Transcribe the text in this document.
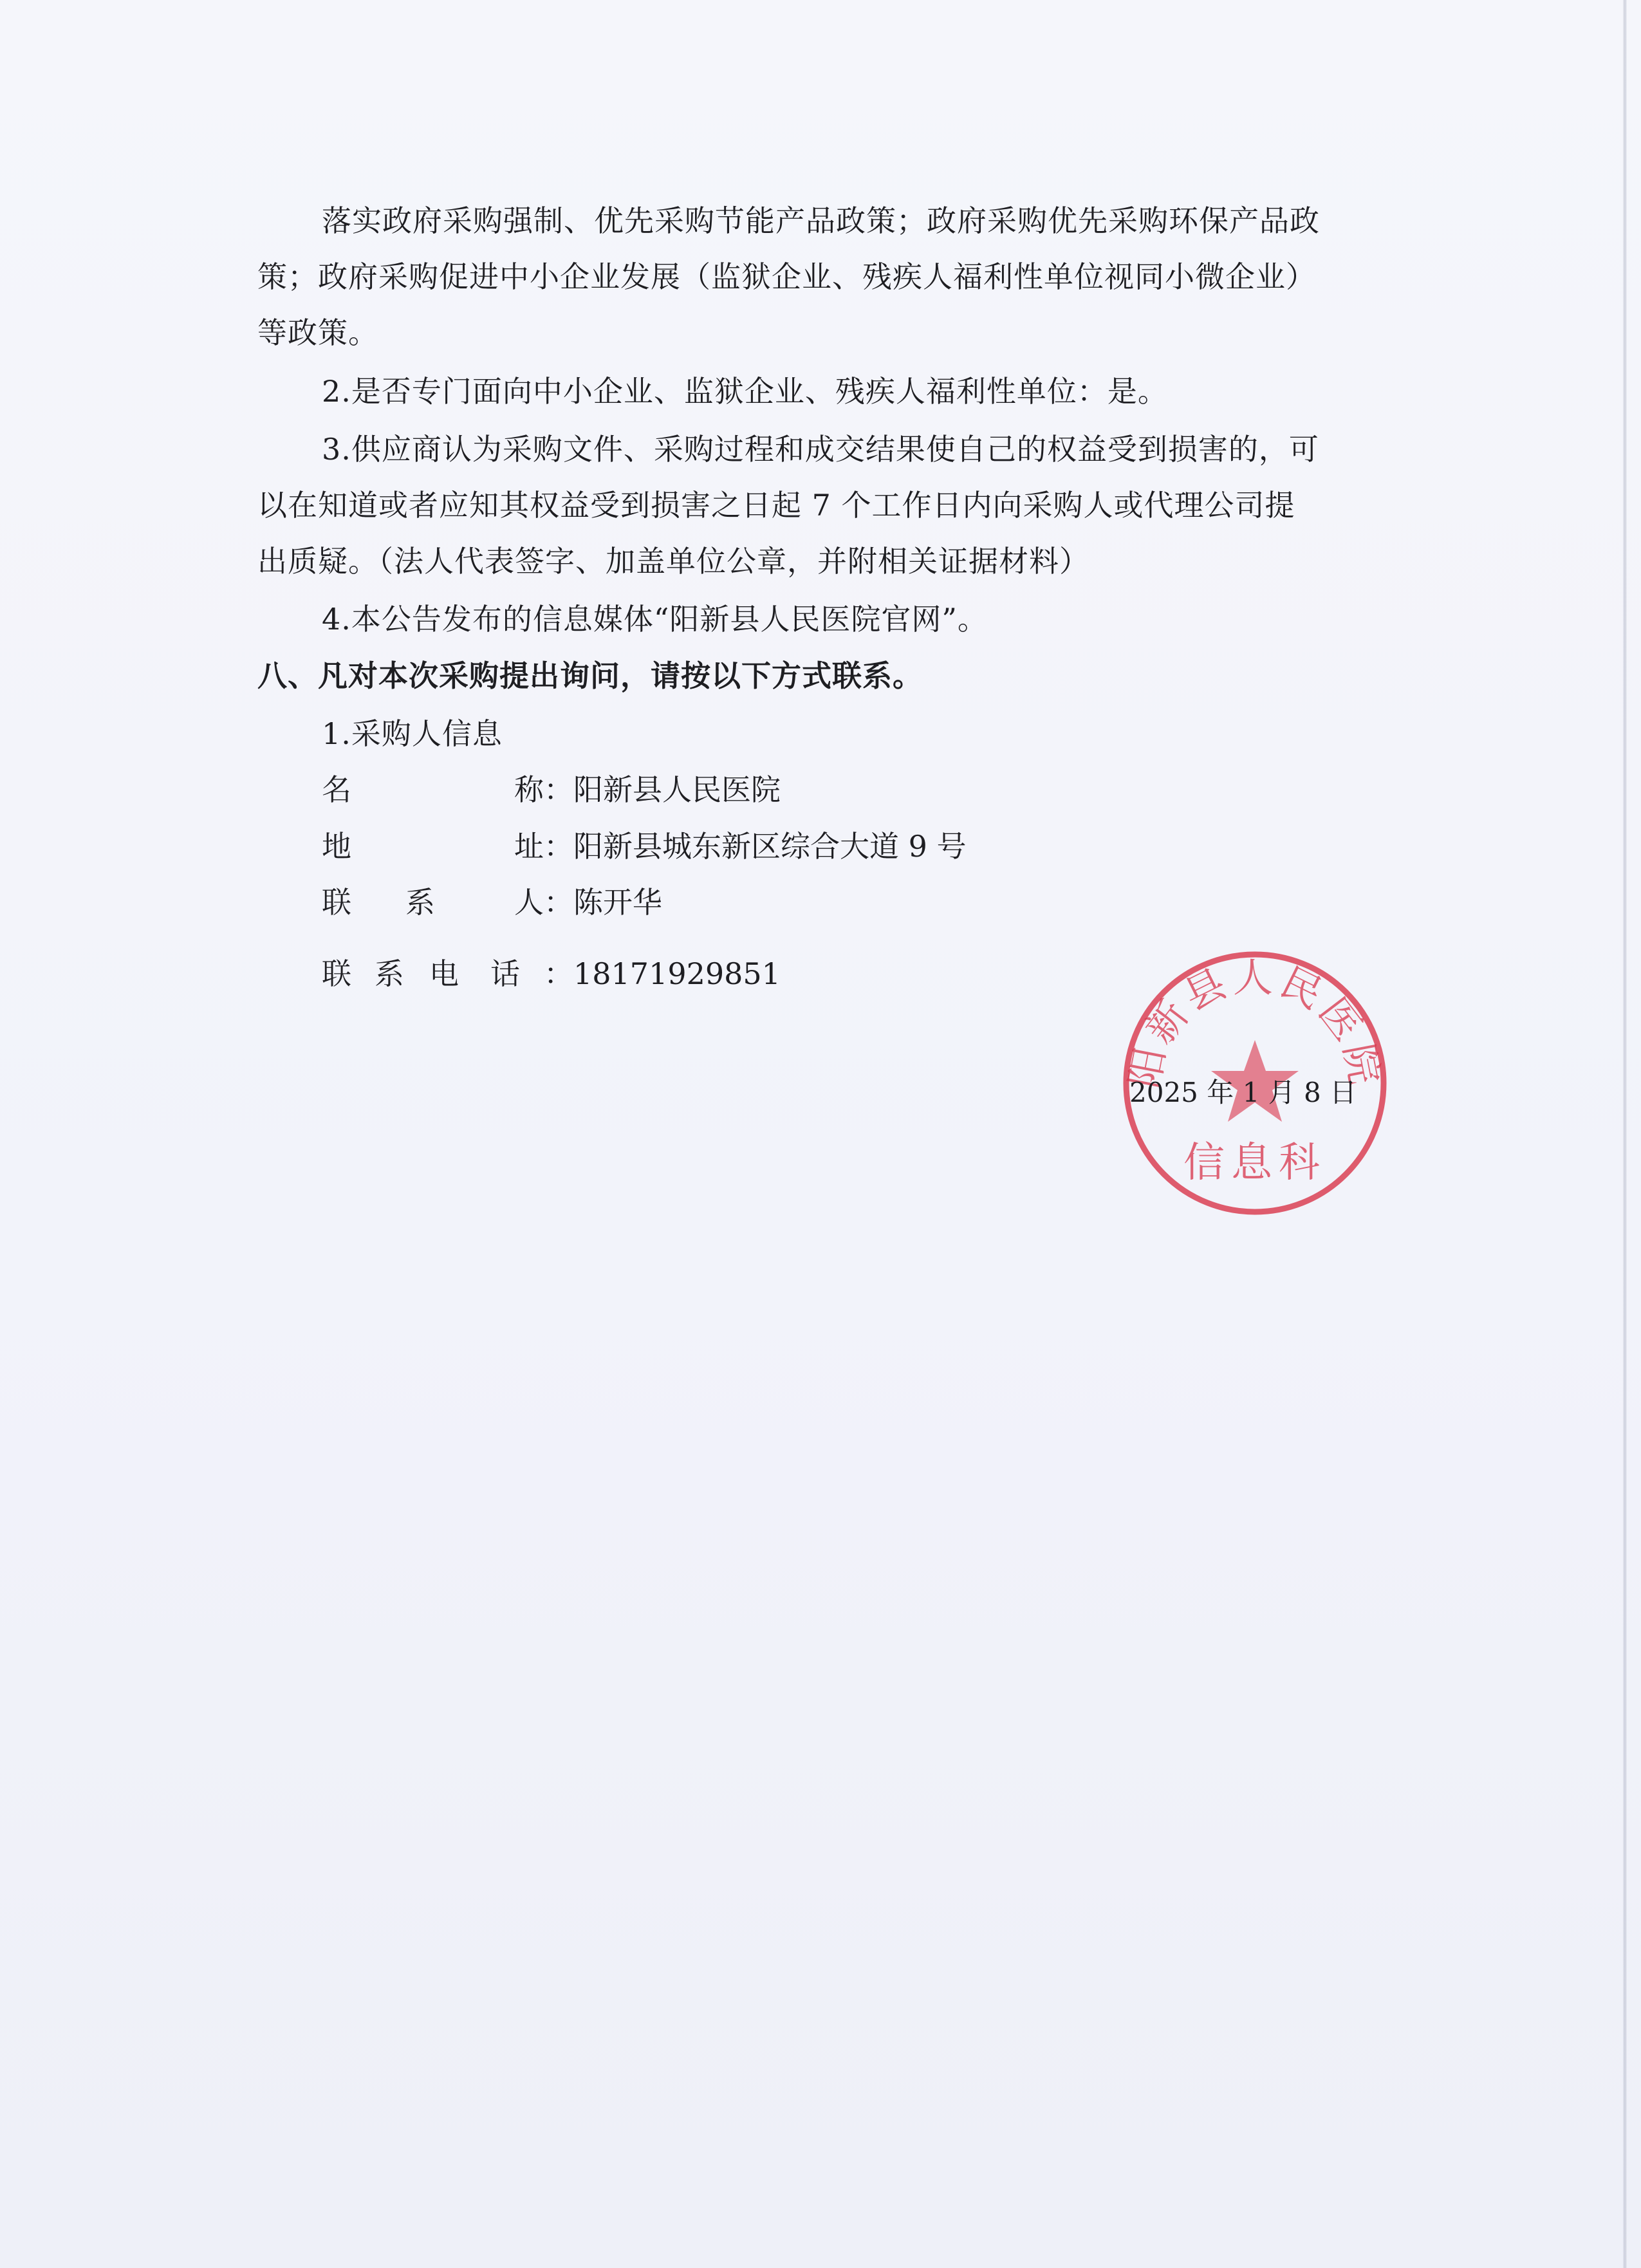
落实政府采购强制、优先采购节能产品政策；政府采购优先采购环保产品政
策；政府采购促进中小企业发展（监狱企业、残疾人福利性单位视同小微企业）
等政策。
2.是否专门面向中小企业、监狱企业、残疾人福利性单位：是。
3.供应商认为采购文件、采购过程和成交结果使自己的权益受到损害的，可
以在知道或者应知其权益受到损害之日起 7 个工作日内向采购人或代理公司提
出质疑。（法人代表签字、加盖单位公章，并附相关证据材料）
4.本公告发布的信息媒体“阳新县人民医院官网”。
八、凡对本次采购提出询问，请按以下方式联系。
1.采购人信息
名	称 ：阳新县人民医院
地	址 ：阳新县城东新区综合大道 9 号
联 系	人 ：陈开华
联 系 电 话 ：18171929851
阳新县人民医院
信息科
2025 年 1 月 8 日
